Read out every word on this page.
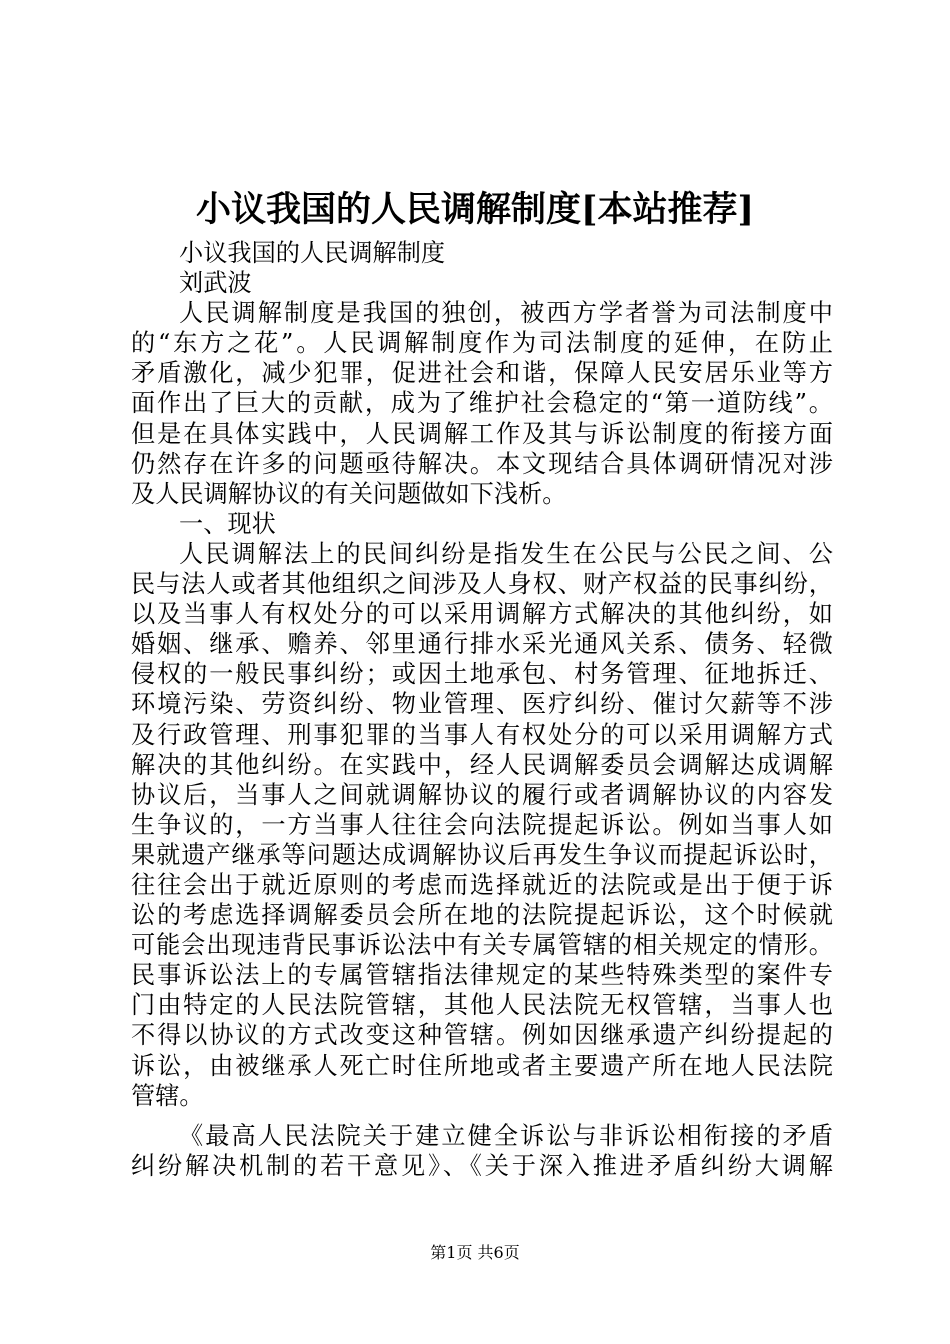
小议我国的人民调解制度[本站推荐]
小议我国的人民调解制度
刘武波
人民调解制度是我国的独创，被西方学者誉为司法制度中
的“东方之花”。人民调解制度作为司法制度的延伸，在防止
矛盾激化，减少犯罪，促进社会和谐，保障人民安居乐业等方
面作出了巨大的贡献，成为了维护社会稳定的“第一道防线”。
但是在具体实践中，人民调解工作及其与诉讼制度的衔接方面
仍然存在许多的问题亟待解决。本文现结合具体调研情况对涉
及人民调解协议的有关问题做如下浅析。
一、现状
人民调解法上的民间纠纷是指发生在公民与公民之间、公
民与法人或者其他组织之间涉及人身权、财产权益的民事纠纷，
以及当事人有权处分的可以采用调解方式解决的其他纠纷，如
婚姻、继承、赡养、邻里通行排水采光通风关系、债务、轻微
侵权的一般民事纠纷；或因土地承包、村务管理、征地拆迁、
环境污染、劳资纠纷、物业管理、医疗纠纷、催讨欠薪等不涉
及行政管理、刑事犯罪的当事人有权处分的可以采用调解方式
解决的其他纠纷。在实践中，经人民调解委员会调解达成调解
协议后，当事人之间就调解协议的履行或者调解协议的内容发
生争议的，一方当事人往往会向法院提起诉讼。例如当事人如
果就遗产继承等问题达成调解协议后再发生争议而提起诉讼时，
往往会出于就近原则的考虑而选择就近的法院或是出于便于诉
讼的考虑选择调解委员会所在地的法院提起诉讼，这个时候就
可能会出现违背民事诉讼法中有关专属管辖的相关规定的情形。
民事诉讼法上的专属管辖指法律规定的某些特殊类型的案件专
门由特定的人民法院管辖，其他人民法院无权管辖，当事人也
不得以协议的方式改变这种管辖。例如因继承遗产纠纷提起的
诉讼，由被继承人死亡时住所地或者主要遗产所在地人民法院
管辖。
《最高人民法院关于建立健全诉讼与非诉讼相衔接的矛盾
纠纷解决机制的若干意见》、《关于深入推进矛盾纠纷大调解
第1页 共6页
